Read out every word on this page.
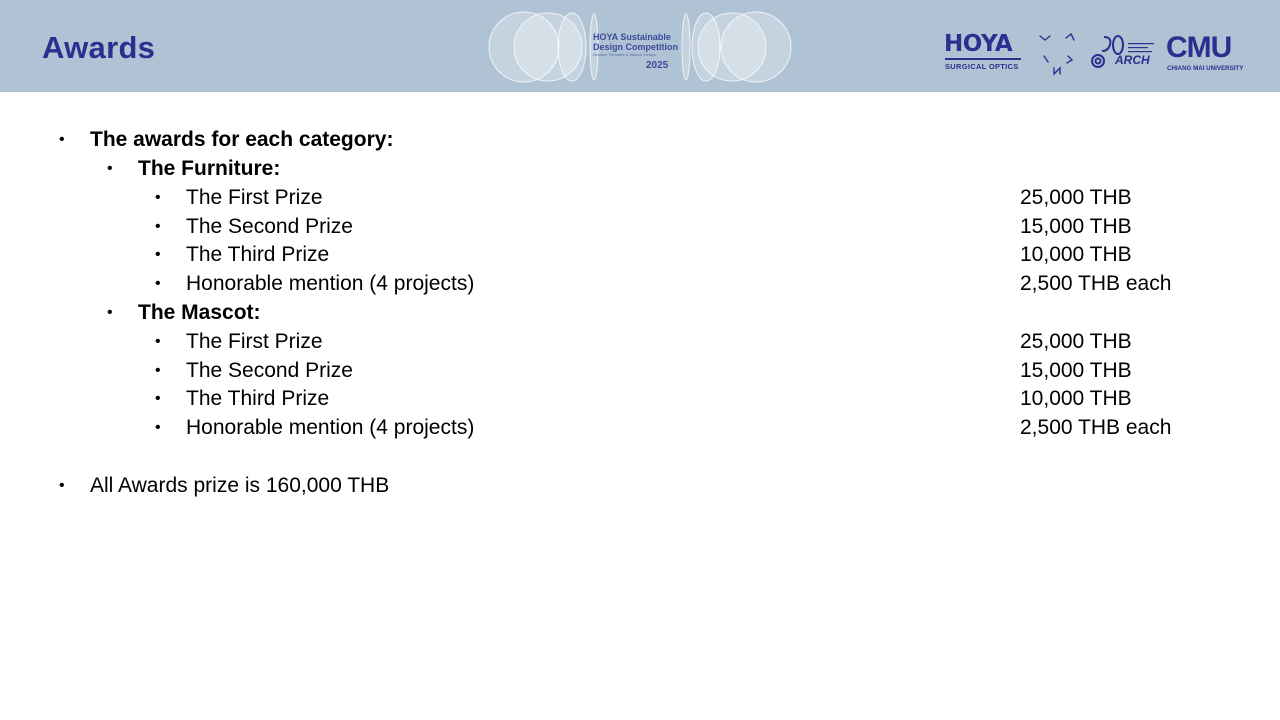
Awards	HOYA Sustainable
Design Competition
Outdoor Furniture & Mascot Design
2025
HOYA
SURGICAL OPTICS	ARCH CMU
CHIANG MAI UNIVERSITY
• The awards for each category:
• The Furniture:
• The First Prize	25,000 THB
• The Second Prize	15,000 THB
• The Third Prize	10,000 THB
• Honorable mention (4 projects)	2,500 THB each
• The Mascot:
• The First Prize	25,000 THB
• The Second Prize	15,000 THB
• The Third Prize	10,000 THB
• Honorable mention (4 projects)	2,500 THB each
• All Awards prize is 160,000 THB
